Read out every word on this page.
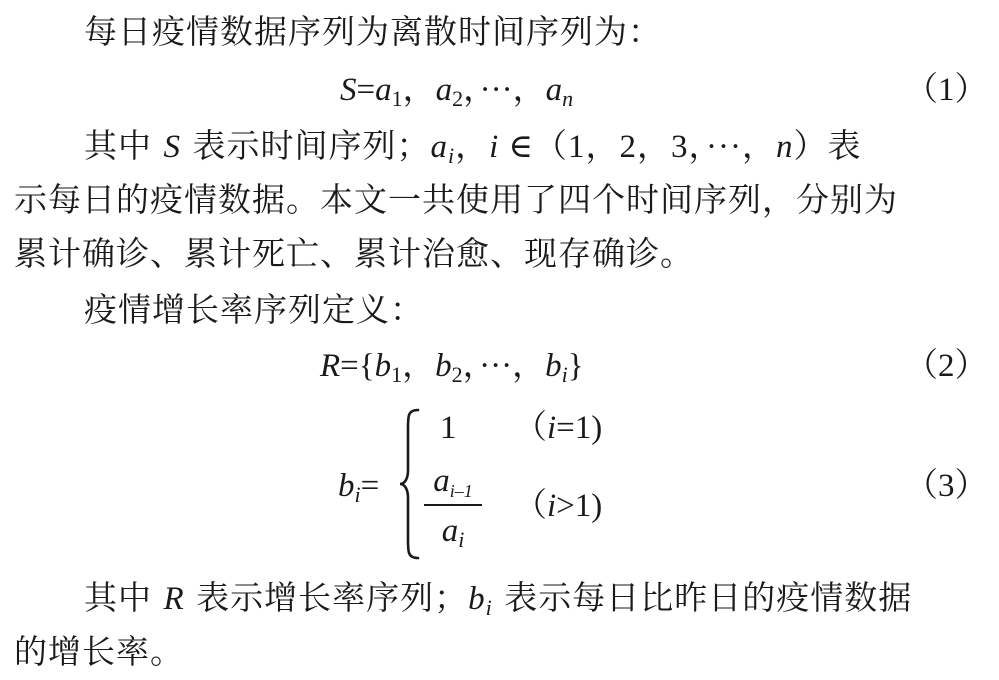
每日疫情数据序列为离散时间序列为：
$S=a_1$，$a_2$，···，$a_n$	（1）
其中 S 表示时间序列；$a_i$，i ∈（1，2，3，···，n）表
示每日的疫情数据。本文一共使用了四个时间序列，分别为
累计确诊、累计死亡、累计治愈、现存确诊。
疫情增长率序列定义：
$R=\{b_1$，$b_2$，···，$b_i$}	（2）
$b_i=$
1 （i=1)
$a_{i-1}$
$a_i$
（i>1)
（3）
其中 R 表示增长率序列；$b_i$ 表示每日比昨日的疫情数据
的增长率。
